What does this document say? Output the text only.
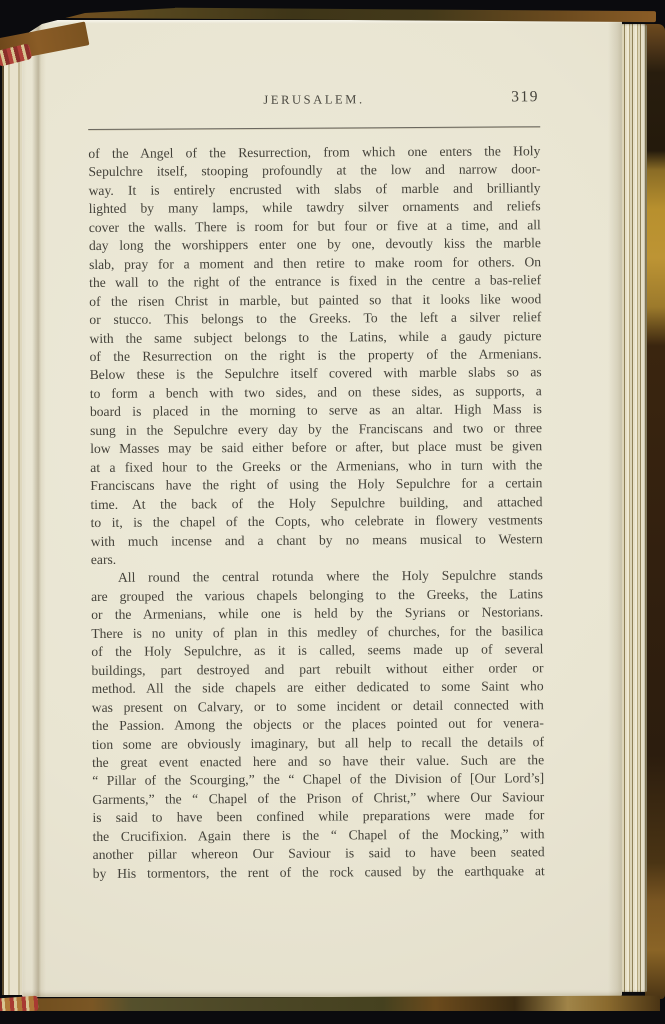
JERUSALEM.	319

of the Angel of the Resurrection, from which one enters the Holy
Sepulchre itself, stooping profoundly at the low and narrow door-
way. It is entirely encrusted with slabs of marble and brilliantly
lighted by many lamps, while tawdry silver ornaments and reliefs
cover the walls. There is room for but four or five at a time, and all
day long the worshippers enter one by one, devoutly kiss the marble
slab, pray for a moment and then retire to make room for others. On
the wall to the right of the entrance is fixed in the centre a bas-relief
of the risen Christ in marble, but painted so that it looks like wood
or stucco. This belongs to the Greeks. To the left a silver relief
with the same subject belongs to the Latins, while a gaudy picture
of the Resurrection on the right is the property of the Armenians.
Below these is the Sepulchre itself covered with marble slabs so as
to form a bench with two sides, and on these sides, as supports, a
board is placed in the morning to serve as an altar. High Mass is
sung in the Sepulchre every day by the Franciscans and two or three
low Masses may be said either before or after, but place must be given
at a fixed hour to the Greeks or the Armenians, who in turn with the
Franciscans have the right of using the Holy Sepulchre for a certain
time. At the back of the Holy Sepulchre building, and attached
to it, is the chapel of the Copts, who celebrate in flowery vestments
with much incense and a chant by no means musical to Western
ears.

All round the central rotunda where the Holy Sepulchre stands
are grouped the various chapels belonging to the Greeks, the Latins
or the Armenians, while one is held by the Syrians or Nestorians.
There is no unity of plan in this medley of churches, for the basilica
of the Holy Sepulchre, as it is called, seems made up of several
buildings, part destroyed and part rebuilt without either order or
method. All the side chapels are either dedicated to some Saint who
was present on Calvary, or to some incident or detail connected with
the Passion. Among the objects or the places pointed out for venera-
tion some are obviously imaginary, but all help to recall the details of
the great event enacted here and so have their value. Such are the
“ Pillar of the Scourging,” the “ Chapel of the Division of [Our Lord’s]
Garments,” the “ Chapel of the Prison of Christ,” where Our Saviour
is said to have been confined while preparations were made for
the Crucifixion. Again there is the “ Chapel of the Mocking,” with
another pillar whereon Our Saviour is said to have been seated
by His tormentors, the rent of the rock caused by the earthquake at
